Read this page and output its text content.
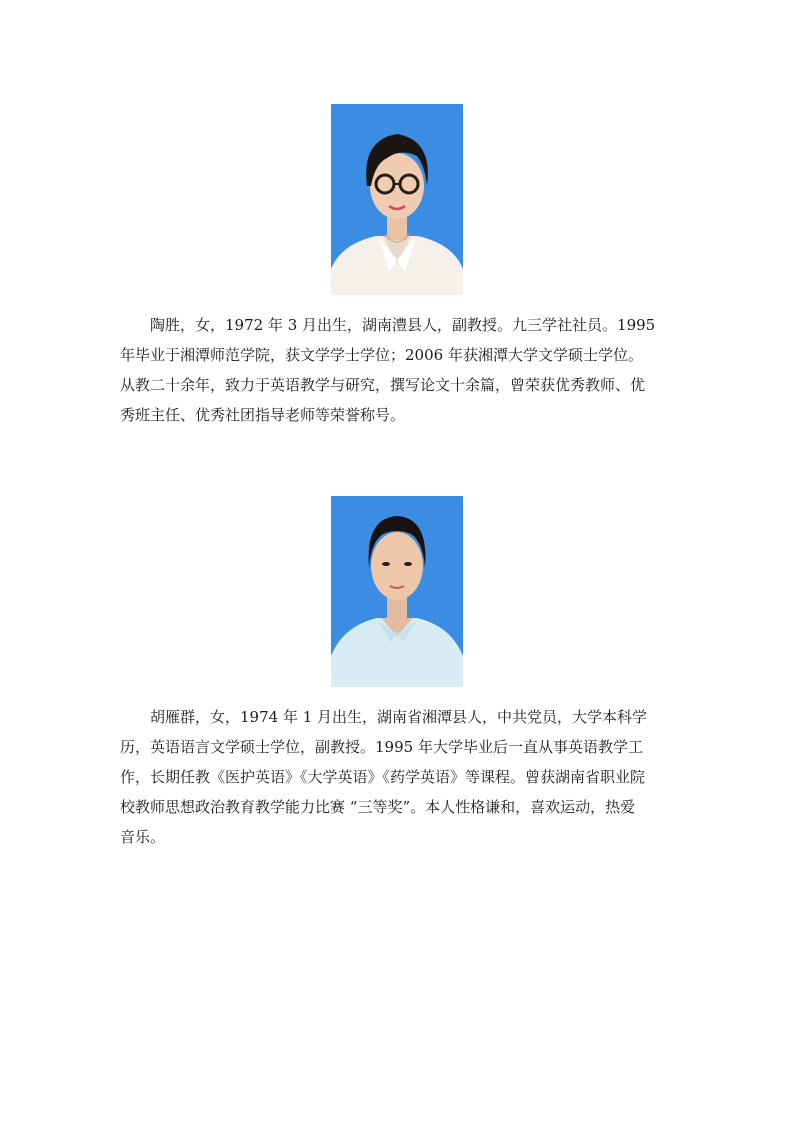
陶胜，女，1972 年 3 月出生，湖南澧县人，副教授。九三学社社员。1995
年毕业于湘潭师范学院，获文学学士学位；2006 年获湘潭大学文学硕士学位。
从教二十余年，致力于英语教学与研究，撰写论文十余篇，曾荣获优秀教师、优
秀班主任、优秀社团指导老师等荣誉称号。

胡雁群，女，1974 年 1 月出生，湖南省湘潭县人，中共党员，大学本科学
历，英语语言文学硕士学位，副教授。1995 年大学毕业后一直从事英语教学工
作，长期任教《医护英语》《大学英语》《药学英语》等课程。曾获湖南省职业院
校教师思想政治教育教学能力比赛 “三等奖”。本人性格谦和，喜欢运动，热爱
音乐。
